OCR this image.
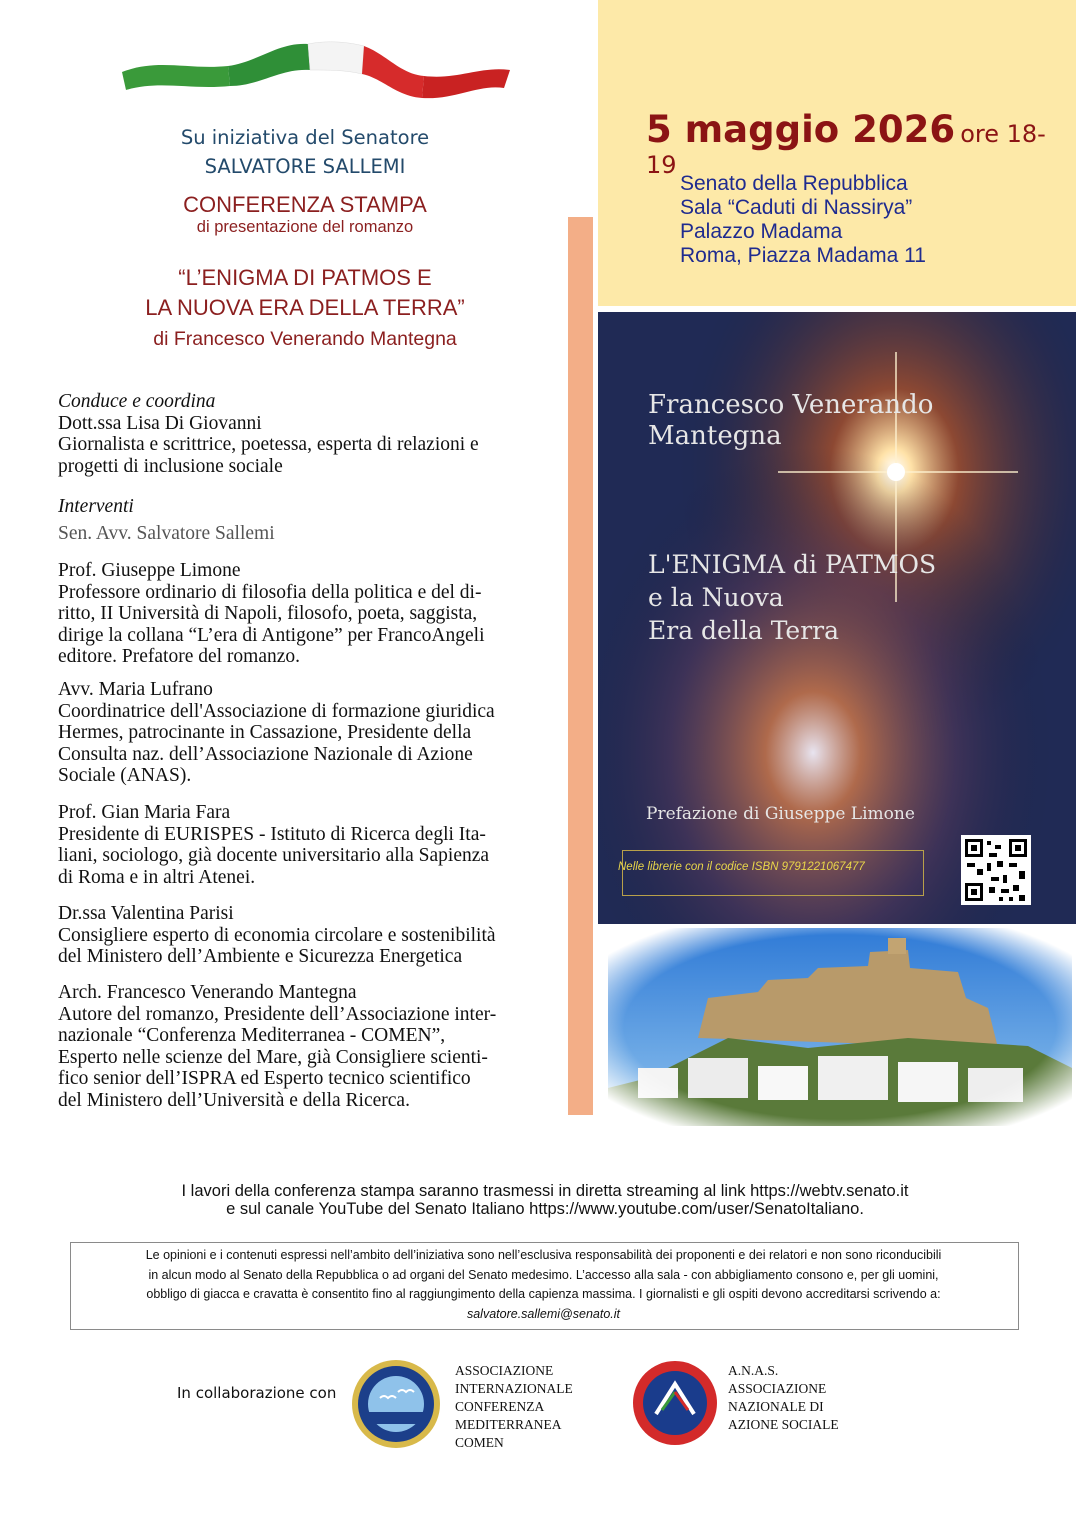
Su iniziativa del Senatore
SALVATORE SALLEMI
CONFERENZA STAMPA
di presentazione del romanzo
“L’ENIGMA DI PATMOS E
LA NUOVA ERA DELLA TERRA”
di Francesco Venerando Mantegna
5 maggio 2026 ore 18-19
Senato della Repubblica
Sala “Caduti di Nassirya”
Palazzo Madama
Roma, Piazza Madama 11
Conduce e coordina
Dott.ssa Lisa Di Giovanni
Giornalista e scrittrice, poetessa, esperta di relazioni e
progetti di inclusione sociale
Interventi
Sen. Avv. Salvatore Sallemi
Prof. Giuseppe Limone
Professore ordinario di filosofia della politica e del di-
ritto, II Università di Napoli, filosofo, poeta, saggista,
dirige la collana “L’era di Antigone” per FrancoAngeli
editore. Prefatore del romanzo.
Avv. Maria Lufrano
Coordinatrice dell'Associazione di formazione giuridica
Hermes, patrocinante in Cassazione, Presidente della
Consulta naz. dell’Associazione Nazionale di Azione
Sociale (ANAS).
Prof. Gian Maria Fara
Presidente di EURISPES - Istituto di Ricerca degli Ita-
liani, sociologo, già docente universitario alla Sapienza
di Roma e in altri Atenei.
Dr.ssa Valentina Parisi
Consigliere esperto di economia circolare e sostenibilità
del Ministero dell’Ambiente e Sicurezza Energetica
Arch. Francesco Venerando Mantegna
Autore del romanzo, Presidente dell’Associazione inter-
nazionale “Conferenza Mediterranea - COMEN”,
Esperto nelle scienze del Mare, già Consigliere scienti-
fico senior dell’ISPRA ed Esperto tecnico scientifico
del Ministero dell’Università e della Ricerca.
Francesco Venerando
Mantegna
L'ENIGMA di PATMOS
e la Nuova
Era della Terra
Prefazione di Giuseppe Limone
Nelle librerie con il codice ISBN 9791221067477
I lavori della conferenza stampa saranno trasmessi in diretta streaming al link https://webtv.senato.it
e sul canale YouTube del Senato Italiano https://www.youtube.com/user/SenatoItaliano.
Le opinioni e i contenuti espressi nell’ambito dell’iniziativa sono nell’esclusiva responsabilità dei proponenti e dei relatori e non sono riconducibili
in alcun modo al Senato della Repubblica o ad organi del Senato medesimo. L’accesso alla sala - con abbigliamento consono e, per gli uomini,
obbligo di giacca e cravatta è consentito fino al raggiungimento della capienza massima. I giornalisti e gli ospiti devono accreditarsi scrivendo a:
salvatore.sallemi@senato.it
In collaborazione con
ASSOCIAZIONE
INTERNAZIONALE
CONFERENZA
MEDITERRANEA
COMEN
A.N.A.S.
ASSOCIAZIONE
NAZIONALE DI
AZIONE SOCIALE
